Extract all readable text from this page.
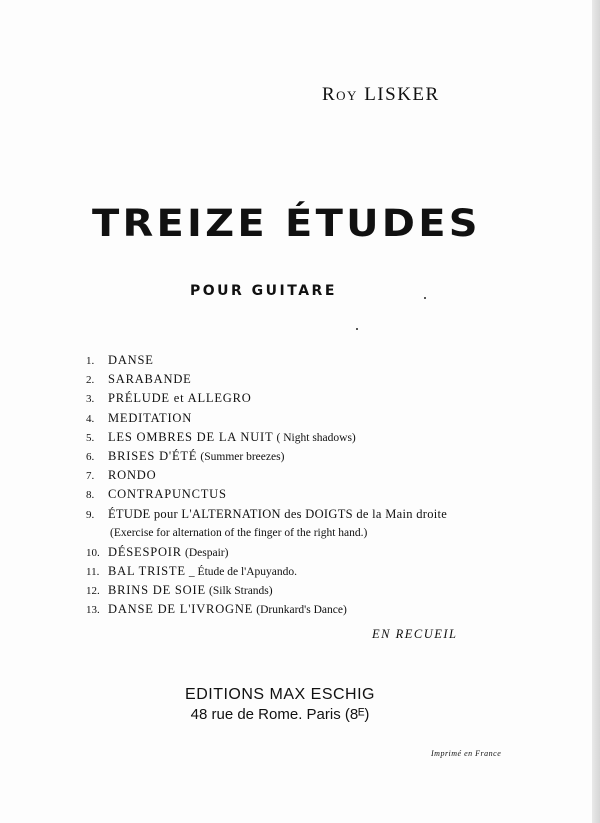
Roy LISKER
TREIZE ÉTUDES
POUR GUITARE
1. DANSE
2. SARABANDE
3. PRÉLUDE et ALLEGRO
4. MEDITATION
5. LES OMBRES DE LA NUIT ( Night shadows)
6. BRISES D'ÉTÉ (Summer breezes)
7. RONDO
8. CONTRAPUNCTUS
9. ÉTUDE pour L'ALTERNATION des DOIGTS de la Main droite
(Exercise for alternation of the finger of the right hand.)
10. DÉSESPOIR (Despair)
11. BAL TRISTE _ Étude de l'Apuyando.
12. BRINS DE SOIE (Silk Strands)
13. DANSE DE L'IVROGNE (Drunkard's Dance)
EN RECUEIL
EDITIONS MAX ESCHIG
48 rue de Rome. Paris (8ᴱ)
Imprimé en France
